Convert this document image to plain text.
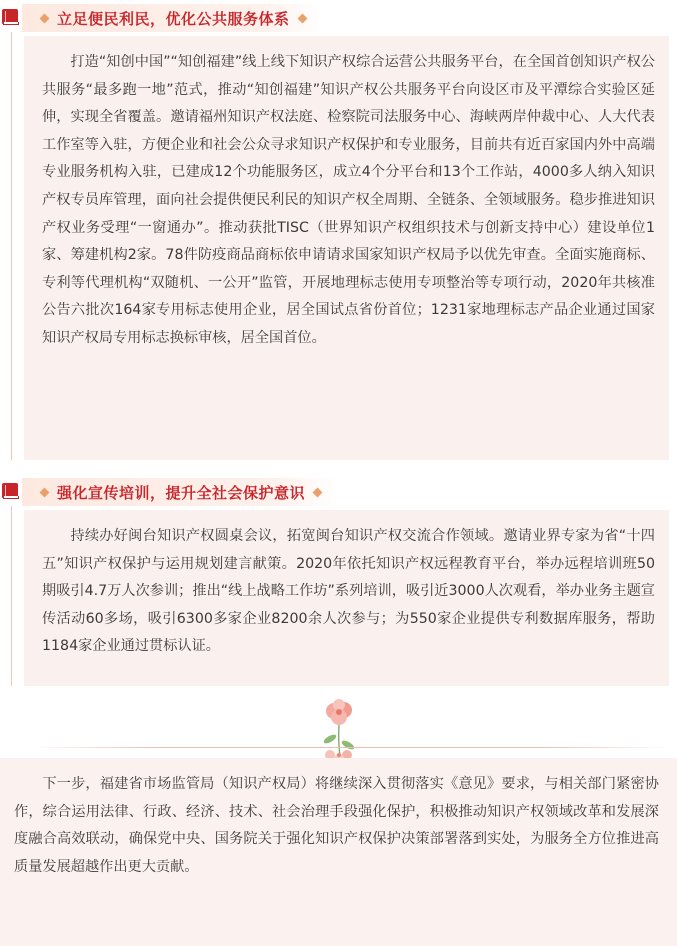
立足便民利民，优化公共服务体系
打造“知创中国”“知创福建”线上线下知识产权综合运营公共服务平台，在全国首创知识产权公共服务“最多跑一地”范式，推动“知创福建”知识产权公共服务平台向设区市及平潭综合实验区延伸，实现全省覆盖。邀请福州知识产权法庭、检察院司法服务中心、海峡两岸仲裁中心、人大代表工作室等入驻，方便企业和社会公众寻求知识产权保护和专业服务，目前共有近百家国内外中高端专业服务机构入驻，已建成12个功能服务区，成立4个分平台和13个工作站，4000多人纳入知识产权专员库管理，面向社会提供便民利民的知识产权全周期、全链条、全领域服务。稳步推进知识产权业务受理“一窗通办”。推动获批TISC（世界知识产权组织技术与创新支持中心）建设单位1家、筹建机构2家。78件防疫商品商标依申请请求国家知识产权局予以优先审查。全面实施商标、专利等代理机构“双随机、一公开”监管，开展地理标志使用专项整治等专项行动，2020年共核准公告六批次164家专用标志使用企业，居全国试点省份首位；1231家地理标志产品企业通过国家知识产权局专用标志换标审核，居全国首位。
强化宣传培训，提升全社会保护意识
持续办好闽台知识产权圆桌会议，拓宽闽台知识产权交流合作领域。邀请业界专家为省“十四五”知识产权保护与运用规划建言献策。2020年依托知识产权远程教育平台，举办远程培训班50期吸引4.7万人次参训；推出“线上战略工作坊”系列培训，吸引近3000人次观看，举办业务主题宣传活动60多场，吸引6300多家企业8200余人次参与；为550家企业提供专利数据库服务，帮助1184家企业通过贯标认证。
下一步，福建省市场监管局（知识产权局）将继续深入贯彻落实《意见》要求，与相关部门紧密协作，综合运用法律、行政、经济、技术、社会治理手段强化保护，积极推动知识产权领域改革和发展深度融合高效联动，确保党中央、国务院关于强化知识产权保护决策部署落到实处，为服务全方位推进高质量发展超越作出更大贡献。
